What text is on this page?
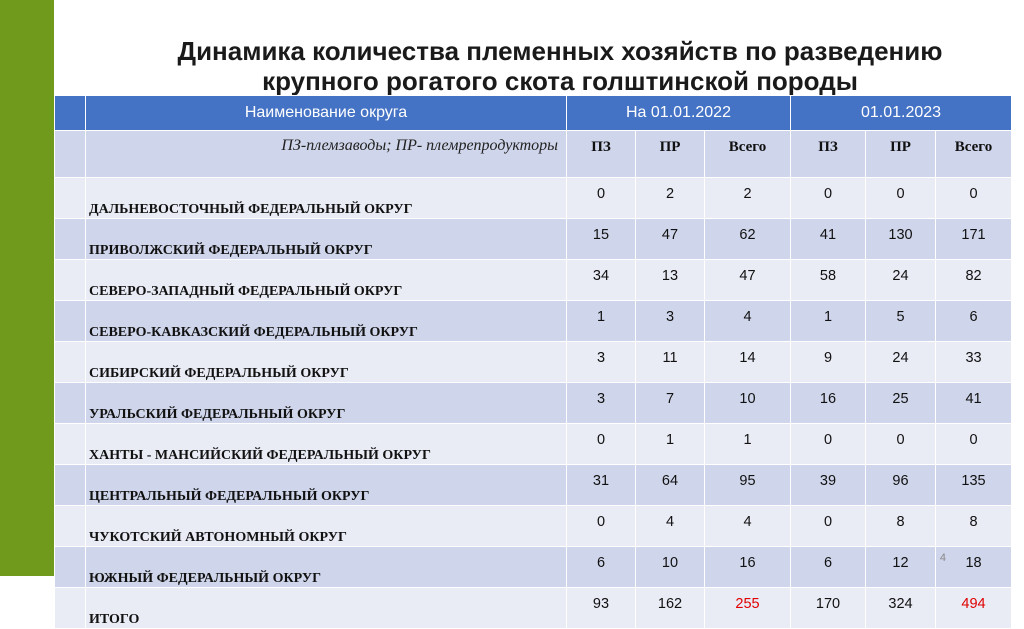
Динамика количества племенных хозяйств по разведению
крупного рогатого скота голштинской породы
	Наименование округа	На 01.01.2022			01.01.2023		
	ПЗ-племзаводы; ПР- племрепродукторы	ПЗ	ПР	Всего	ПЗ	ПР	Всего
	ДАЛЬНЕВОСТОЧНЫЙ ФЕДЕРАЛЬНЫЙ ОКРУГ	0	2	2	0	0	0
	ПРИВОЛЖСКИЙ ФЕДЕРАЛЬНЫЙ ОКРУГ	15	47	62	41	130	171
	СЕВЕРО-ЗАПАДНЫЙ ФЕДЕРАЛЬНЫЙ ОКРУГ	34	13	47	58	24	82
	СЕВЕРО-КАВКАЗСКИЙ ФЕДЕРАЛЬНЫЙ ОКРУГ	1	3	4	1	5	6
	СИБИРСКИЙ ФЕДЕРАЛЬНЫЙ ОКРУГ	3	11	14	9	24	33
	УРАЛЬСКИЙ ФЕДЕРАЛЬНЫЙ ОКРУГ	3	7	10	16	25	41
	ХАНТЫ - МАНСИЙСКИЙ ФЕДЕРАЛЬНЫЙ ОКРУГ	0	1	1	0	0	0
	ЦЕНТРАЛЬНЫЙ ФЕДЕРАЛЬНЫЙ ОКРУГ	31	64	95	39	96	135
	ЧУКОТСКИЙ АВТОНОМНЫЙ ОКРУГ	0	4	4	0	8	8
	ЮЖНЫЙ ФЕДЕРАЛЬНЫЙ ОКРУГ	6	10	16	6	12	18
	ИТОГО	93	162	255	170	324	494
4
